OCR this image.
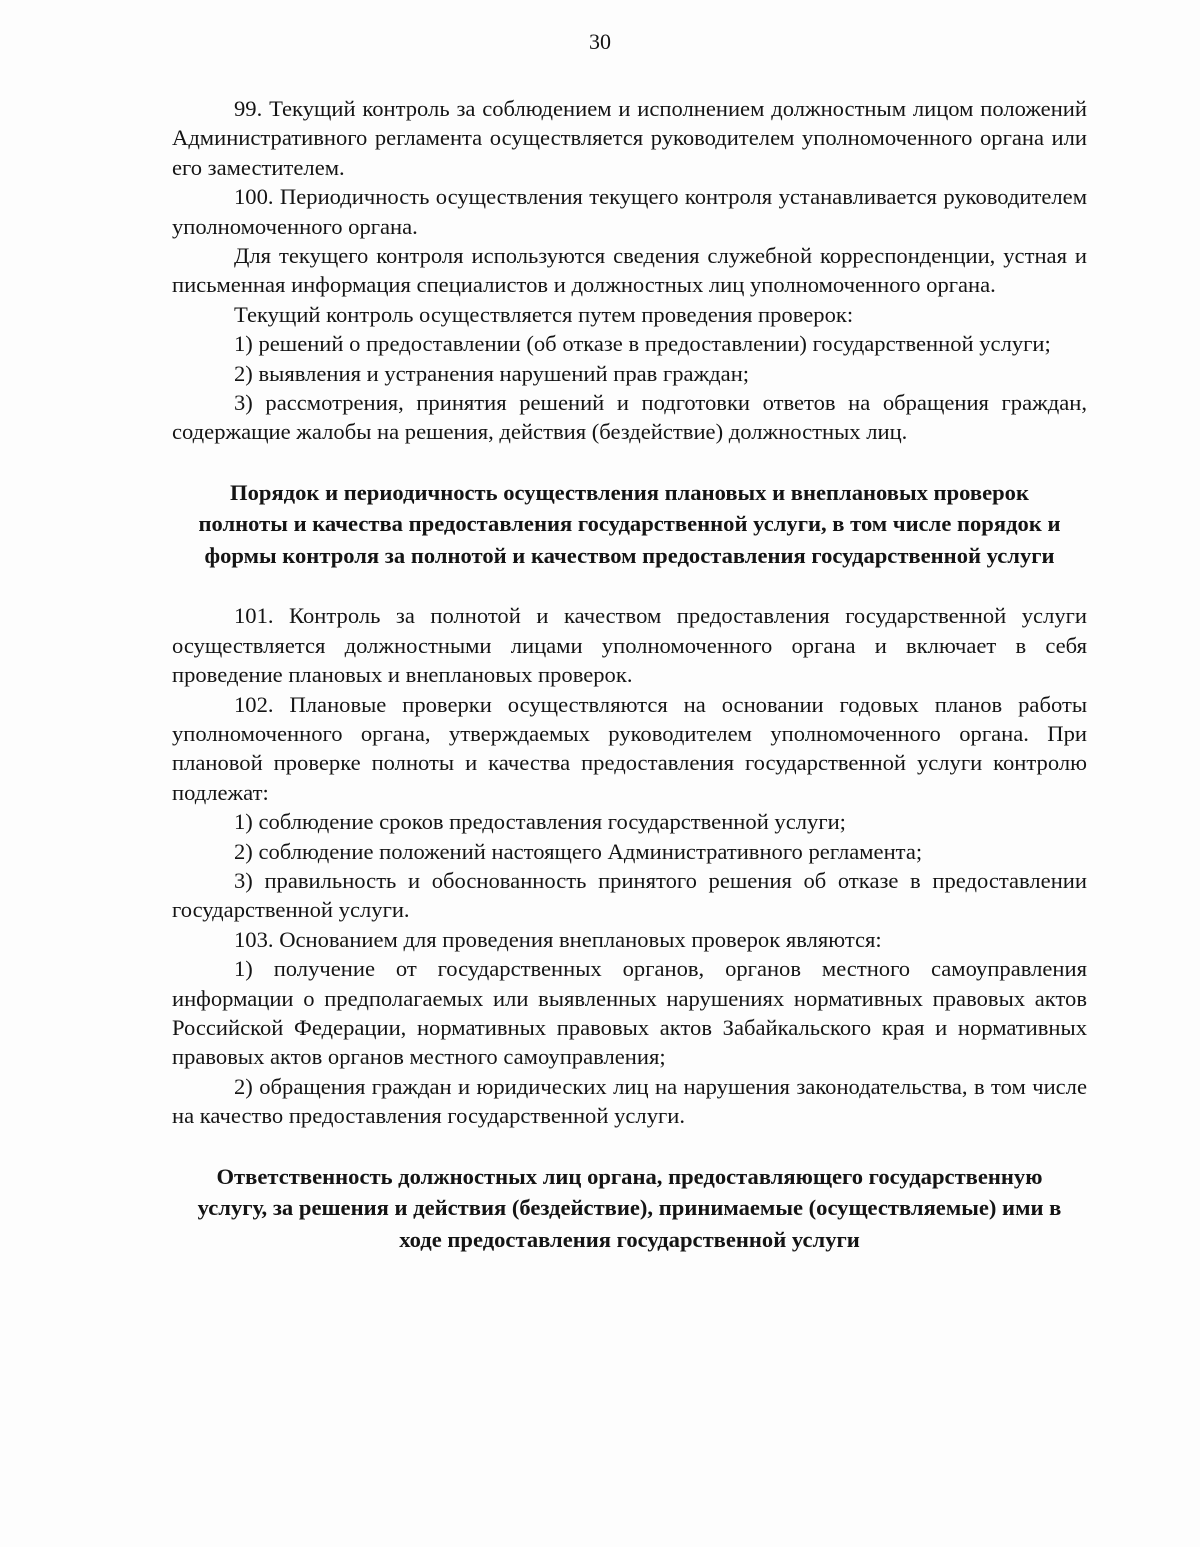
30

99. Текущий контроль за соблюдением и исполнением должностным лицом положений Административного регламента осуществляется руководителем уполномоченного органа или его заместителем.

100. Периодичность осуществления текущего контроля устанавливается руководителем уполномоченного органа.

Для текущего контроля используются сведения служебной корреспонденции, устная и письменная информация специалистов и должностных лиц уполномоченного органа.

Текущий контроль осуществляется путем проведения проверок:

1) решений о предоставлении (об отказе в предоставлении) государственной услуги;

2) выявления и устранения нарушений прав граждан;

3) рассмотрения, принятия решений и подготовки ответов на обращения граждан, содержащие жалобы на решения, действия (бездействие) должностных лиц.

Порядок и периодичность осуществления плановых и внеплановых проверок полноты и качества предоставления государственной услуги, в том числе порядок и формы контроля за полнотой и качеством предоставления государственной услуги

101. Контроль за полнотой и качеством предоставления государственной услуги осуществляется должностными лицами уполномоченного органа и включает в себя проведение плановых и внеплановых проверок.

102. Плановые проверки осуществляются на основании годовых планов работы уполномоченного органа, утверждаемых руководителем уполномоченного органа. При плановой проверке полноты и качества предоставления государственной услуги контролю подлежат:

1) соблюдение сроков предоставления государственной услуги;

2) соблюдение положений настоящего Административного регламента;

3) правильность и обоснованность принятого решения об отказе в предоставлении государственной услуги.

103. Основанием для проведения внеплановых проверок являются:

1) получение от государственных органов, органов местного самоуправления информации о предполагаемых или выявленных нарушениях нормативных правовых актов Российской Федерации, нормативных правовых актов Забайкальского края и нормативных правовых актов органов местного самоуправления;

2) обращения граждан и юридических лиц на нарушения законодательства, в том числе на качество предоставления государственной услуги.

Ответственность должностных лиц органа, предоставляющего государственную услугу, за решения и действия (бездействие), принимаемые (осуществляемые) ими в ходе предоставления государственной услуги
